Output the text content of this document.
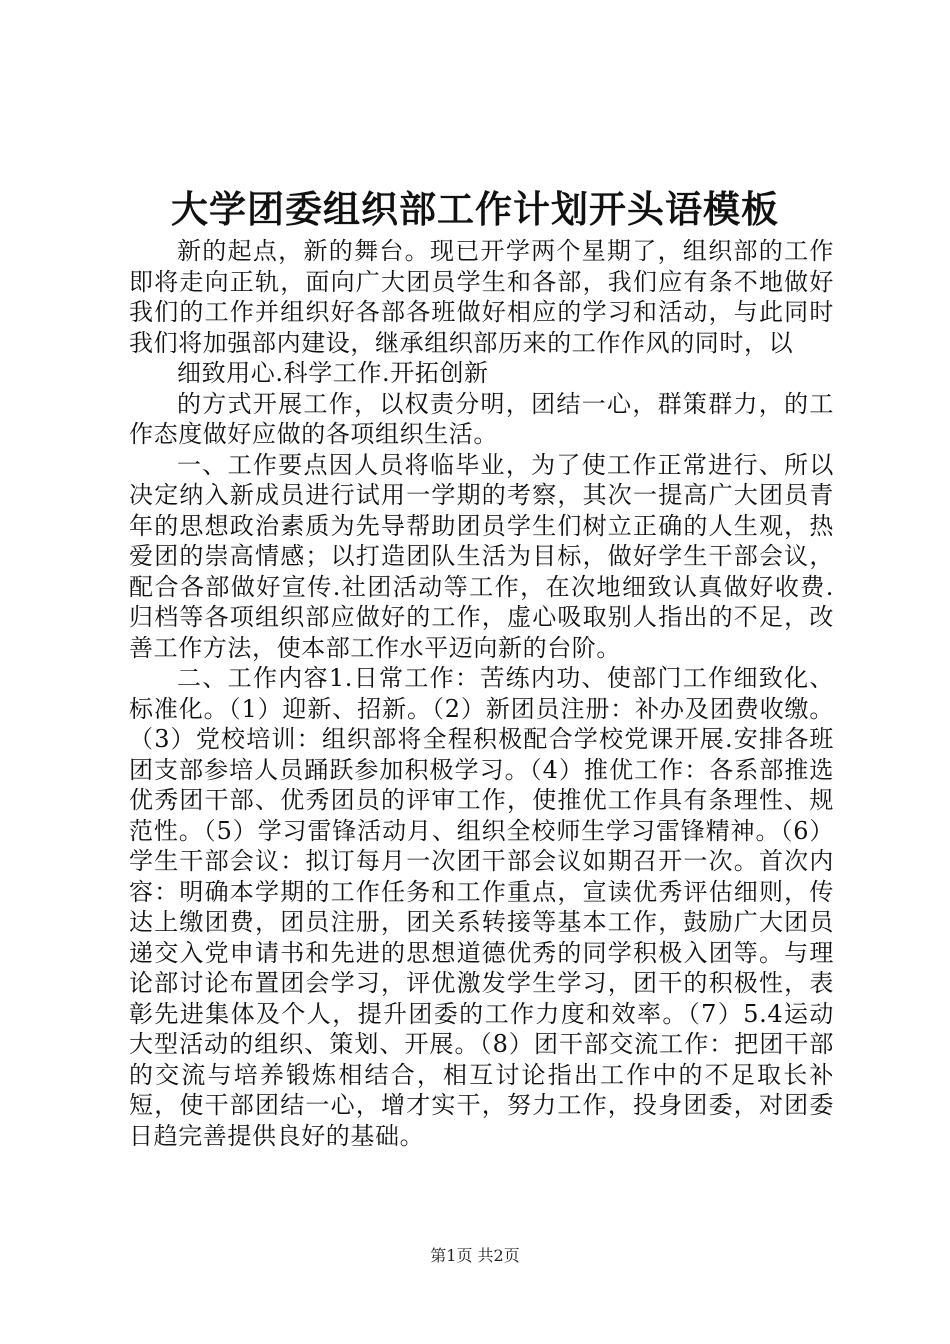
大学团委组织部工作计划开头语模板

新的起点，新的舞台。现已开学两个星期了，组织部的工作即将走向正轨，面向广大团员学生和各部，我们应有条不地做好我们的工作并组织好各部各班做好相应的学习和活动，与此同时我们将加强部内建设，继承组织部历来的工作作风的同时，以

细致用心.科学工作.开拓创新

的方式开展工作，以权责分明，团结一心，群策群力，的工作态度做好应做的各项组织生活。

一、工作要点因人员将临毕业，为了使工作正常进行、所以决定纳入新成员进行试用一学期的考察，其次一提高广大团员青年的思想政治素质为先导帮助团员学生们树立正确的人生观，热爱团的崇高情感；以打造团队生活为目标，做好学生干部会议，配合各部做好宣传.社团活动等工作，在次地细致认真做好收费.归档等各项组织部应做好的工作，虚心吸取别人指出的不足，改善工作方法，使本部工作水平迈向新的台阶。

二、工作内容1.日常工作：苦练内功、使部门工作细致化、标准化。（1）迎新、招新。（2）新团员注册：补办及团费收缴。（3）党校培训：组织部将全程积极配合学校党课开展.安排各班团支部参培人员踊跃参加积极学习。（4）推优工作：各系部推选优秀团干部、优秀团员的评审工作，使推优工作具有条理性、规范性。（5）学习雷锋活动月、组织全校师生学习雷锋精神。（6）学生干部会议：拟订每月一次团干部会议如期召开一次。首次内容：明确本学期的工作任务和工作重点，宣读优秀评估细则，传达上缴团费，团员注册，团关系转接等基本工作，鼓励广大团员递交入党申请书和先进的思想道德优秀的同学积极入团等。与理论部讨论布置团会学习，评优激发学生学习，团干的积极性，表彰先进集体及个人，提升团委的工作力度和效率。（7）5.4运动大型活动的组织、策划、开展。（8）团干部交流工作：把团干部的交流与培养锻炼相结合，相互讨论指出工作中的不足取长补短，使干部团结一心，增才实干，努力工作，投身团委，对团委日趋完善提供良好的基础。

第1页 共2页
